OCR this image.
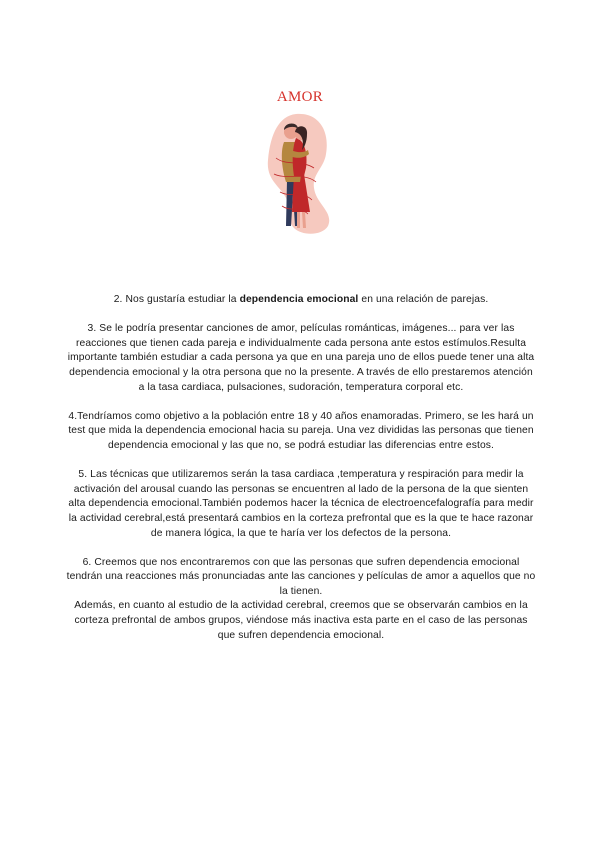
AMOR

2. Nos gustaría estudiar la dependencia emocional en una relación de parejas.

3. Se le podría presentar canciones de amor, películas románticas, imágenes... para ver las reacciones que tienen cada pareja e individualmente cada persona ante estos estímulos.Resulta importante también estudiar a cada persona ya que en una pareja uno de ellos puede tener una alta dependencia emocional y la otra persona que no la presente. A través de ello prestaremos atención a la tasa cardiaca, pulsaciones, sudoración, temperatura corporal etc.

4.Tendríamos como objetivo a la población entre 18 y 40 años enamoradas. Primero, se les hará un test que mida la dependencia emocional hacia su pareja. Una vez divididas las personas que tienen dependencia emocional y las que no, se podrá estudiar las diferencias entre estos.

5. Las técnicas que utilizaremos serán la tasa cardiaca ,temperatura y respiración para medir la activación del arousal cuando las personas se encuentren al lado de la persona de la que sienten alta dependencia emocional.También podemos hacer la técnica de electroencefalografía para medir la actividad cerebral,está presentará cambios en la corteza prefrontal que es la que te hace razonar de manera lógica, la que te haría ver los defectos de la persona.

6. Creemos que nos encontraremos con que las personas que sufren dependencia emocional tendrán una reacciones más pronunciadas ante las canciones y películas de amor a aquellos que no la tienen.

Además, en cuanto al estudio de la actividad cerebral, creemos que se observarán cambios en la corteza prefrontal de ambos grupos, viéndose más inactiva esta parte en el caso de las personas que sufren dependencia emocional.
